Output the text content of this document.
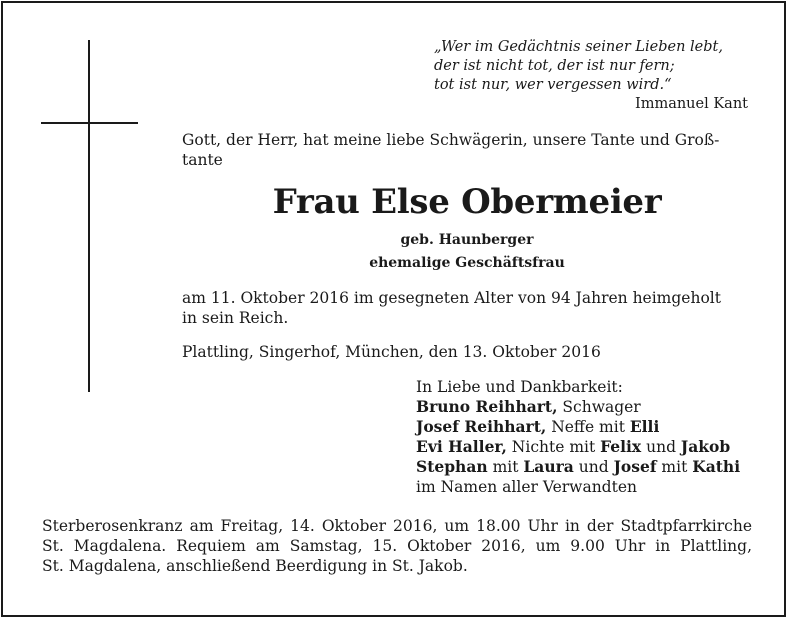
„Wer im Gedächtnis seiner Lieben lebt,
der ist nicht tot, der ist nur fern;
tot ist nur, wer vergessen wird.“
Immanuel Kant
Gott, der Herr, hat meine liebe Schwägerin, unsere Tante und Groß-
tante
Frau Else Obermeier
geb. Haunberger
ehemalige Geschäftsfrau
am 11. Oktober 2016 im gesegneten Alter von 94 Jahren heimgeholt
in sein Reich.
Plattling, Singerhof, München, den 13. Oktober 2016
In Liebe und Dankbarkeit:
Bruno Reihhart, Schwager
Josef Reihhart, Neffe mit Elli
Evi Haller, Nichte mit Felix und Jakob
Stephan mit Laura und Josef mit Kathi
im Namen aller Verwandten
Sterberosenkranz am Freitag, 14. Oktober 2016, um 18.00 Uhr in der Stadtpfarrkirche
St. Magdalena. Requiem am Samstag, 15. Oktober 2016, um 9.00 Uhr in Plattling,
St. Magdalena, anschließend Beerdigung in St. Jakob.
